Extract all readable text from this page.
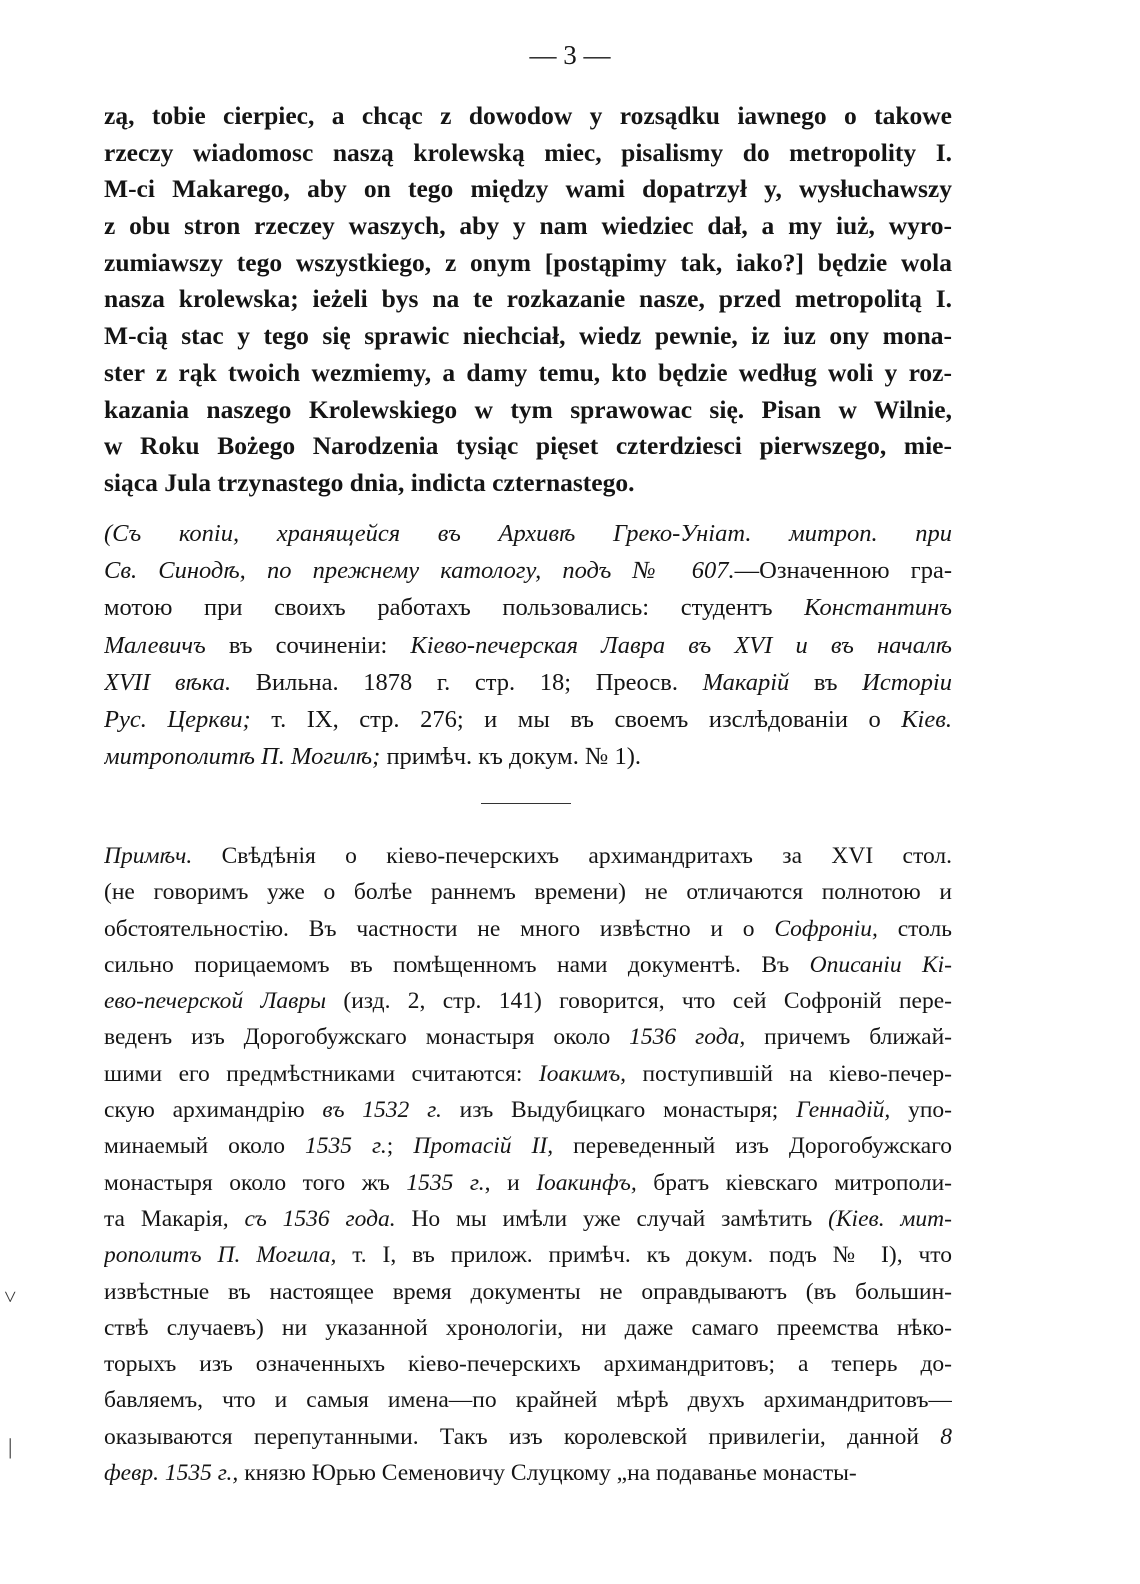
— 3 —
zą, tobie cierpiec, a chcąc z dowodow y rozsądku iawnego o takowe
rzeczy wiadomosc naszą krolewską miec, pisalismy do metropolity I.
M-ci Makarego, aby on tego między wami dopatrzył y, wysłuchawszy
z obu stron rzeczey waszych, aby y nam wiedziec dał, a my iuż, wyro-
zumiawszy tego wszystkiego, z onym [postąpimy tak, iako?] będzie wola
nasza krolewska; ieżeli bys na te rozkazanie nasze, przed metropolitą I.
M-cią stac y tego się sprawic niechciał, wiedz pewnie, iz iuz ony mona-
ster z rąk twoich wezmiemy, a damy temu, kto będzie według woli y roz-
kazania naszego Krolewskiego w tym sprawowac się. Pisan w Wilnie,
w Roku Bożego Narodzenia tysiąc pięset czterdziesci pierwszego, mie-
siąca Jula trzynastego dnia, indicta czternastego.
(Съ копіи, хранящейся въ Архивѣ Греко-Уніат. митроп. при
Св. Синодѣ, по прежнему катологу, подъ № 607.—Означенною гра-
мотою при своихъ работахъ пользовались: студентъ Константинъ
Малевичъ въ сочиненіи: Кіево-печерская Лавра въ XVI и въ началѣ
XVII вѣка. Вильна. 1878 г. стр. 18; Преосв. Макарій въ Исторіи
Рус. Церкви; т. IX, стр. 276; и мы въ своемъ изслѣдованіи о Кіев.
митрополитѣ П. Могилѣ; примѣч. къ докум. № 1).
Примѣч. Свѣдѣнія о кіево-печерскихъ архимандритахъ за XVI стол.
(не говоримъ уже о болѣе раннемъ времени) не отличаются полнотою и
обстоятельностію. Въ частности не много извѣстно и о Софроніи, столь
сильно порицаемомъ въ помѣщенномъ нами документѣ. Въ Описаніи Кі-
ево-печерской Лавры (изд. 2, стр. 141) говорится, что сей Софроній пере-
веденъ изъ Дорогобужскаго монастыря около 1536 года, причемъ ближай-
шими его предмѣстниками считаются: Іоакимъ, поступившій на кіево-печер-
скую архимандрію въ 1532 г. изъ Выдубицкаго монастыря; Геннадій, упо-
минаемый около 1535 г.; Протасій II, переведенный изъ Дорогобужскаго
монастыря около того жъ 1535 г., и Іоакинфъ, братъ кіевскаго митрополи-
та Макарія, съ 1536 года. Но мы имѣли уже случай замѣтить (Кіев. мит-
рополитъ П. Могила, т. I, въ прилож. примѣч. къ докум. подъ № I), что
извѣстные въ настоящее время документы не оправдываютъ (въ большин-
ствѣ случаевъ) ни указанной хронологіи, ни даже самаго преемства нѣко-
торыхъ изъ означенныхъ кіево-печерскихъ архимандритовъ; а теперь до-
бавляемъ, что и самыя имена—по крайней мѣрѣ двухъ архимандритовъ—
оказываются перепутанными. Такъ изъ королевской привилегіи, данной 8
февр. 1535 г., князю Юрью Семеновичу Слуцкому „на подаванье монасты-
˅
|
